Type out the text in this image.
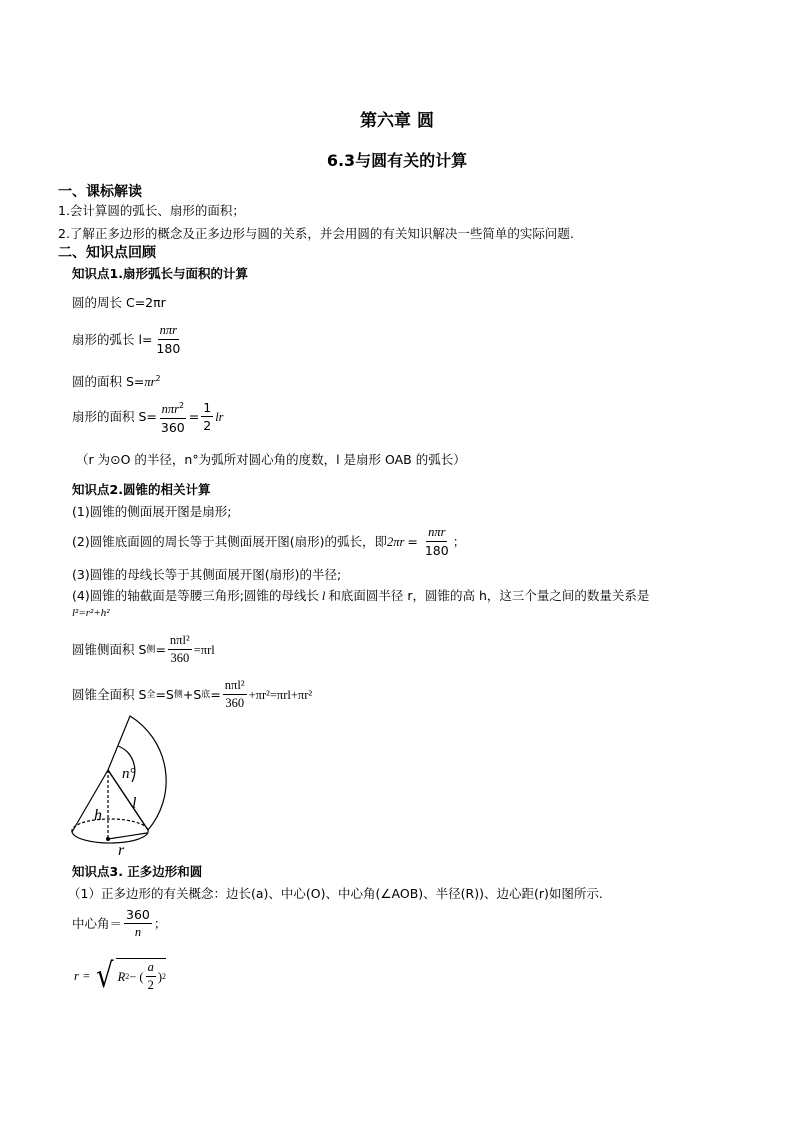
第六章 圆
6.3与圆有关的计算
一、课标解读
1.会计算圆的弧长、扇形的面积；
2.了解正多边形的概念及正多边形与圆的关系，并会用圆的有关知识解决一些简单的实际问题.
二、知识点回顾
知识点1.扇形弧长与面积的计算
圆的周长 C=2πr
扇形的弧长 $l= \frac{\text{nπr}}{180}$
圆的面积 $S=\pi r^2$
扇形的面积 $S= \frac{n\pi r^2}{360} = \frac{1}{2}$ lr
（r 为⊙O 的半径，n°为弧所对圆心角的度数，l 是扇形 OAB 的弧长）
知识点2.圆锥的相关计算
(1)圆锥的侧面展开图是扇形;
(2)圆锥底面圆的周长等于其侧面展开图(扇形)的弧长，即 $2\pi r = \frac{\text{nπr}}{180}$ ；
(3)圆锥的母线长等于其侧面展开图(扇形)的半径;
(4)圆锥的轴截面是等腰三角形;圆锥的母线长 l 和底面圆半径 r，圆锥的高 h，这三个量之间的数量关系是
l²=r²+h²
圆锥侧面积 S 侧 = $\frac{\text{nπl²}}{360} =\pi rl$
圆锥全面积 S 全 =S 侧 +S 底 = $\frac{\text{nπl²}}{360} +\pi r^2=\pi rl+\pi r^2$
n°
l
h
r
知识点3. 正多边形和圆
（1）正多边形的有关概念：边长(a)、中心(O)、中心角(∠AOB)、半径(R))、边心距(r)如图所示.
中心角＝ $\frac{360}{n}$ ；
r = √ R 2 − ( $\frac{a}{2}$ ) 2
